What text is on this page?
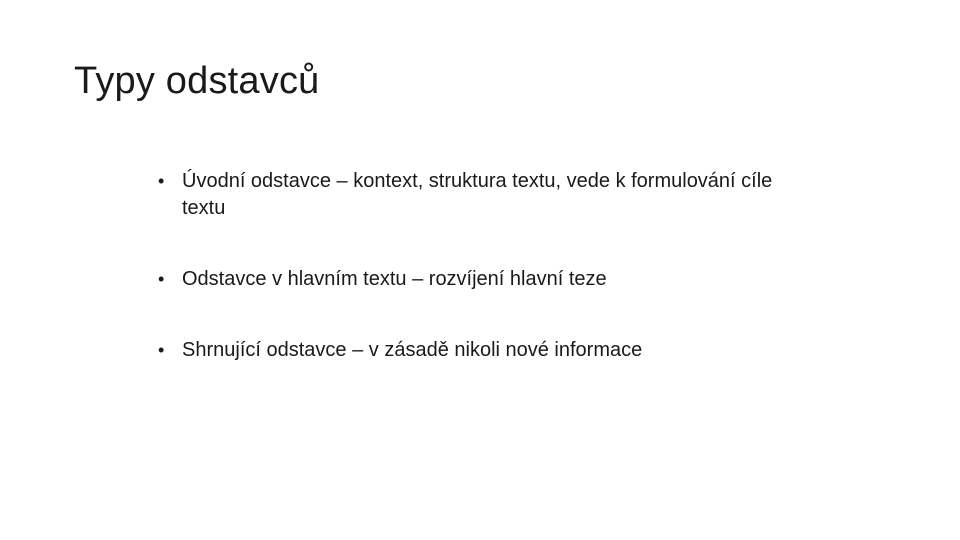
Typy odstavců
• Úvodní odstavce – kontext, struktura textu, vede k formulování cíle textu
• Odstavce v hlavním textu – rozvíjení hlavní teze
• Shrnující odstavce – v zásadě nikoli nové informace
